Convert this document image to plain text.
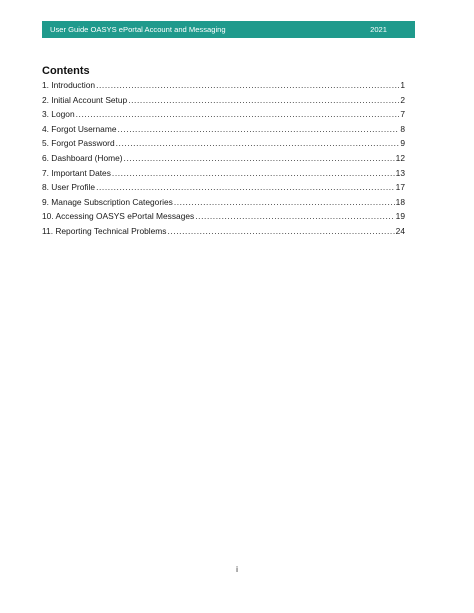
User Guide OASYS ePortal Account and Messaging	2021
Contents
1. Introduction .....	1
2. Initial Account Setup .....	2
3. Logon .....	7
4. Forgot Username .....	8
5. Forgot Password .....	9
6. Dashboard (Home) .....	12
7. Important Dates .....	13
8. User Profile .....	17
9. Manage Subscription Categories .....	18
10. Accessing OASYS ePortal Messages .....	19
11. Reporting Technical Problems .....	24
i
